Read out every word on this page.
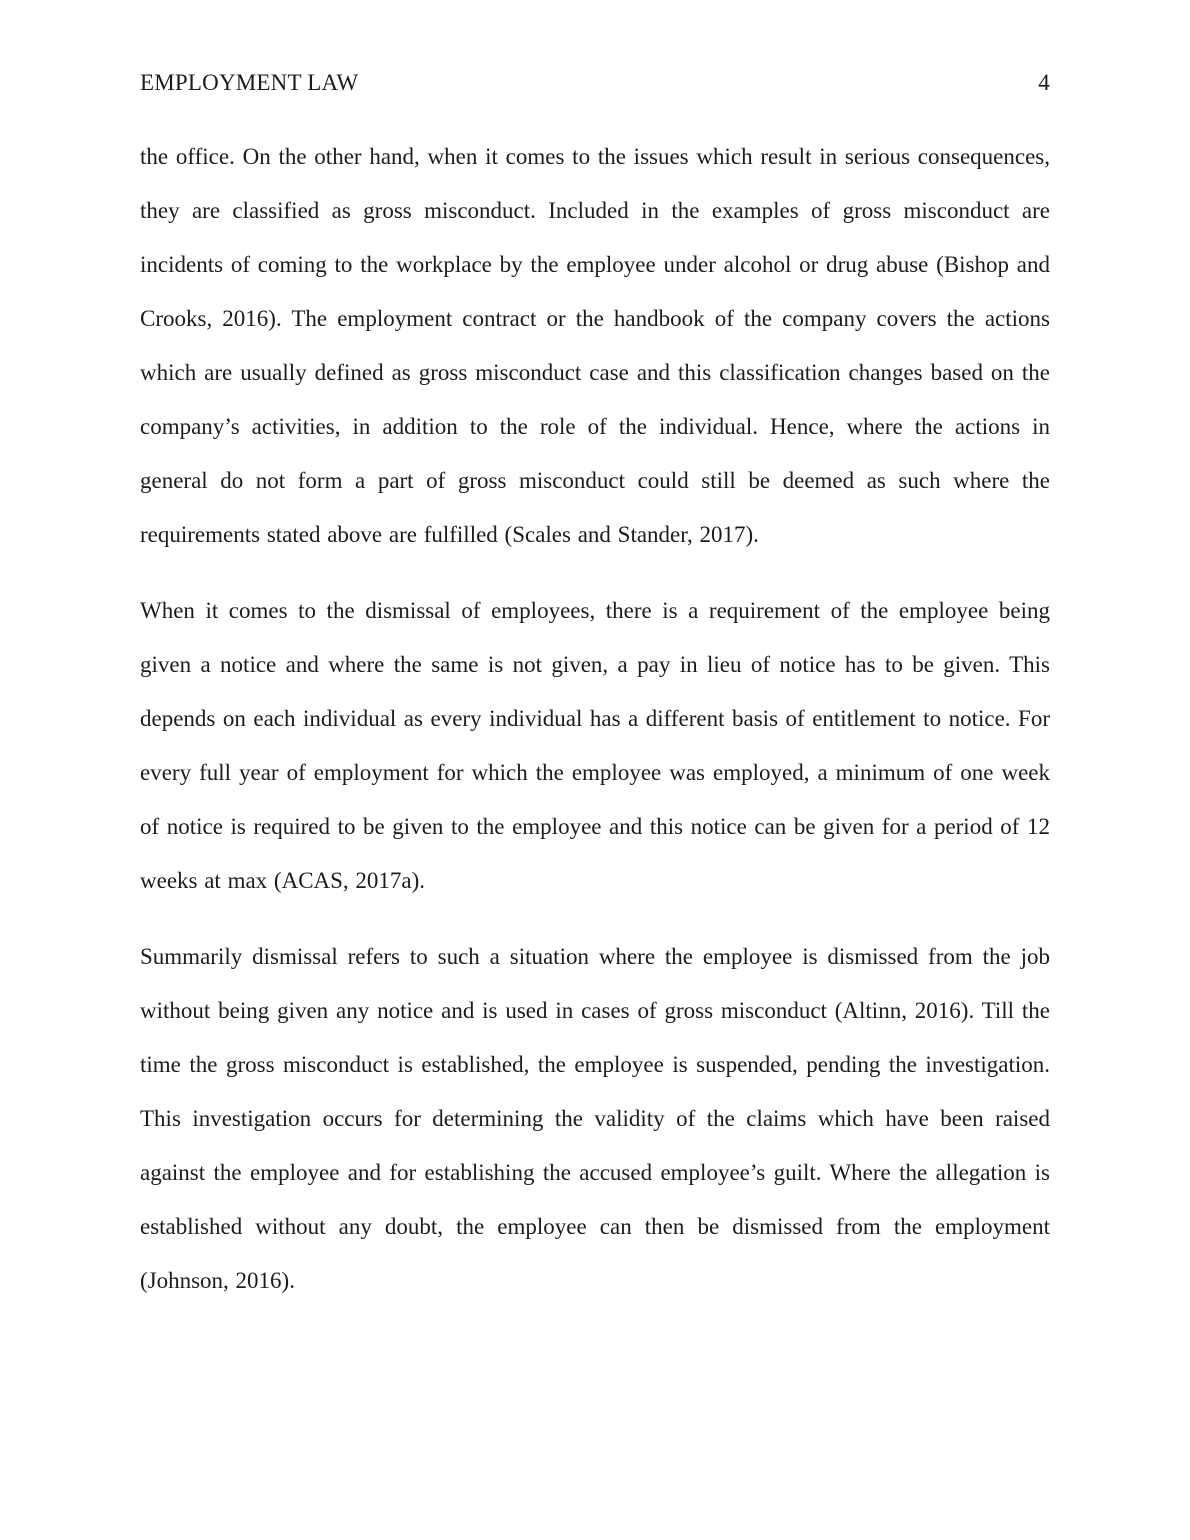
EMPLOYMENT LAW	4

the office. On the other hand, when it comes to the issues which result in serious consequences, they are classified as gross misconduct. Included in the examples of gross misconduct are incidents of coming to the workplace by the employee under alcohol or drug abuse (Bishop and Crooks, 2016). The employment contract or the handbook of the company covers the actions which are usually defined as gross misconduct case and this classification changes based on the company’s activities, in addition to the role of the individual. Hence, where the actions in general do not form a part of gross misconduct could still be deemed as such where the requirements stated above are fulfilled (Scales and Stander, 2017).

When it comes to the dismissal of employees, there is a requirement of the employee being given a notice and where the same is not given, a pay in lieu of notice has to be given. This depends on each individual as every individual has a different basis of entitlement to notice. For every full year of employment for which the employee was employed, a minimum of one week of notice is required to be given to the employee and this notice can be given for a period of 12 weeks at max (ACAS, 2017a).

Summarily dismissal refers to such a situation where the employee is dismissed from the job without being given any notice and is used in cases of gross misconduct (Altinn, 2016). Till the time the gross misconduct is established, the employee is suspended, pending the investigation. This investigation occurs for determining the validity of the claims which have been raised against the employee and for establishing the accused employee’s guilt. Where the allegation is established without any doubt, the employee can then be dismissed from the employment (Johnson, 2016).
